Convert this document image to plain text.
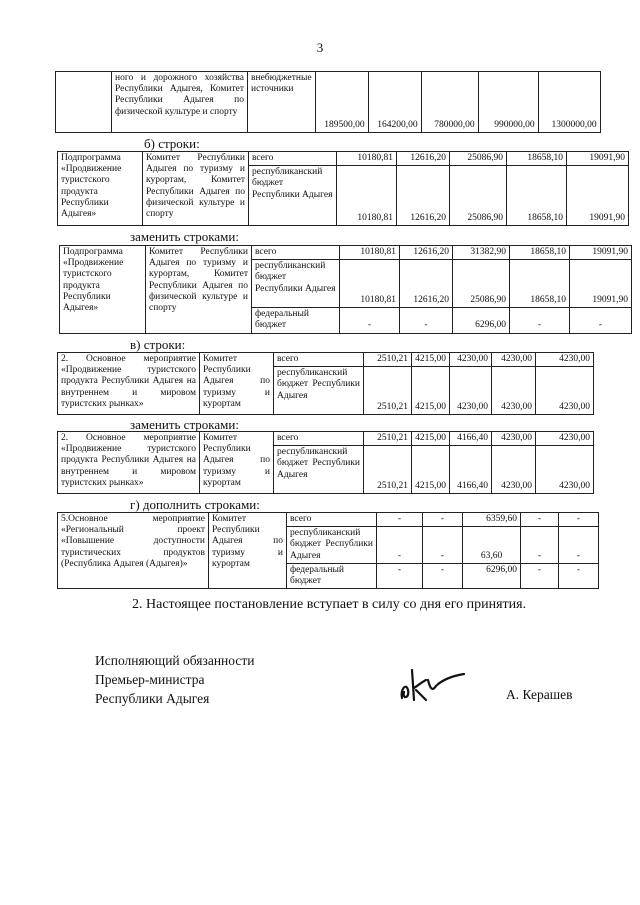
3
	ного и дорожного хозяйства Республики Адыгея, Комитет Республики Адыгея по физической культуре и спорту	внебюджетные источники	189500,00	164200,00	780000,00	990000,00	1300000,00
б) строки:
Подпрограмма «Продвижение туристского продукта Республики Адыгея»	Комитет Республики Адыгея по туризму и курортам, Комитет Республики Адыгея по физической культуре и спорту	всего	10180,81	12616,20	25086,90	18658,10	19091,90
		республиканский бюджет Республики Адыгея	10180,81	12616,20	25086,90	18658,10	19091,90
заменить строками:
Подпрограмма «Продвижение туристского продукта Республики Адыгея»	Комитет Республики Адыгея по туризму и курортам, Комитет Республики Адыгея по физической культуре и спорту	всего	10180,81	12616,20	31382,90	18658,10	19091,90
		республиканский бюджет Республики Адыгея	10180,81	12616,20	25086,90	18658,10	19091,90
		федеральный бюджет	-	-	6296,00	-	-
в) строки:
2. Основное мероприятие «Продвижение туристского продукта Республики Адыгея на внутреннем и мировом туристских рынках»	Комитет Республики Адыгея по туризму и курортам	всего	2510,21	4215,00	4230,00	4230,00	4230,00
		республиканский бюджет Республики Адыгея	2510,21	4215,00	4230,00	4230,00	4230,00
заменить строками:
2. Основное мероприятие «Продвижение туристского продукта Республики Адыгея на внутреннем и мировом туристских рынках»	Комитет Республики Адыгея по туризму и курортам	всего	2510,21	4215,00	4166,40	4230,00	4230,00
		республиканский бюджет Республики Адыгея	2510,21	4215,00	4166,40	4230,00	4230,00
г) дополнить строками:
5.Основное мероприятие «Региональный проект «Повышение доступности туристических продуктов (Республика Адыгея (Адыгея)»	Комитет Республики Адыгея по туризму и курортам	всего	-	-	6359,60	-	-
		республиканский бюджет Республики Адыгея	-	-	63,60	-	-
		федеральный бюджет	-	-	6296,00	-	-
2. Настоящее постановление вступает в силу со дня его принятия.
Исполняющий обязанности
Премьер-министра
Республики Адыгея	А. Керашев
